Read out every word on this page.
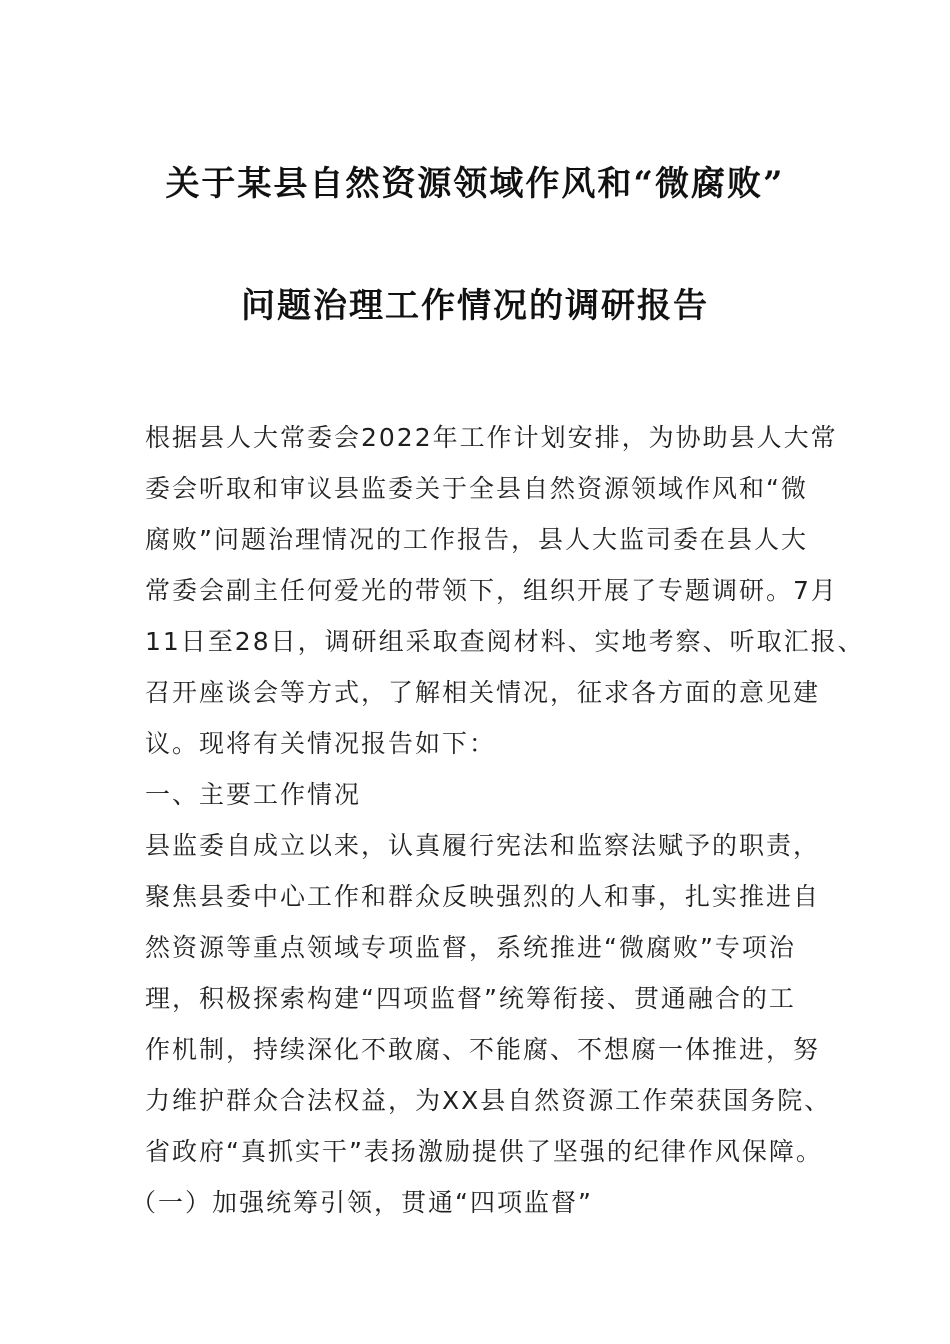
关于某县自然资源领域作风和“微腐败”
问题治理工作情况的调研报告
根据县人大常委会2022年工作计划安排，为协助县人大常
委会听取和审议县监委关于全县自然资源领域作风和“微
腐败”问题治理情况的工作报告，县人大监司委在县人大
常委会副主任何爱光的带领下，组织开展了专题调研。7月
11日至28日，调研组采取查阅材料、实地考察、听取汇报、
召开座谈会等方式，了解相关情况，征求各方面的意见建
议。现将有关情况报告如下：
一、主要工作情况
县监委自成立以来，认真履行宪法和监察法赋予的职责，
聚焦县委中心工作和群众反映强烈的人和事，扎实推进自
然资源等重点领域专项监督，系统推进“微腐败”专项治
理，积极探索构建“四项监督”统筹衔接、贯通融合的工
作机制，持续深化不敢腐、不能腐、不想腐一体推进，努
力维护群众合法权益，为XX县自然资源工作荣获国务院、
省政府“真抓实干”表扬激励提供了坚强的纪律作风保障。
（一）加强统筹引领，贯通“四项监督”
